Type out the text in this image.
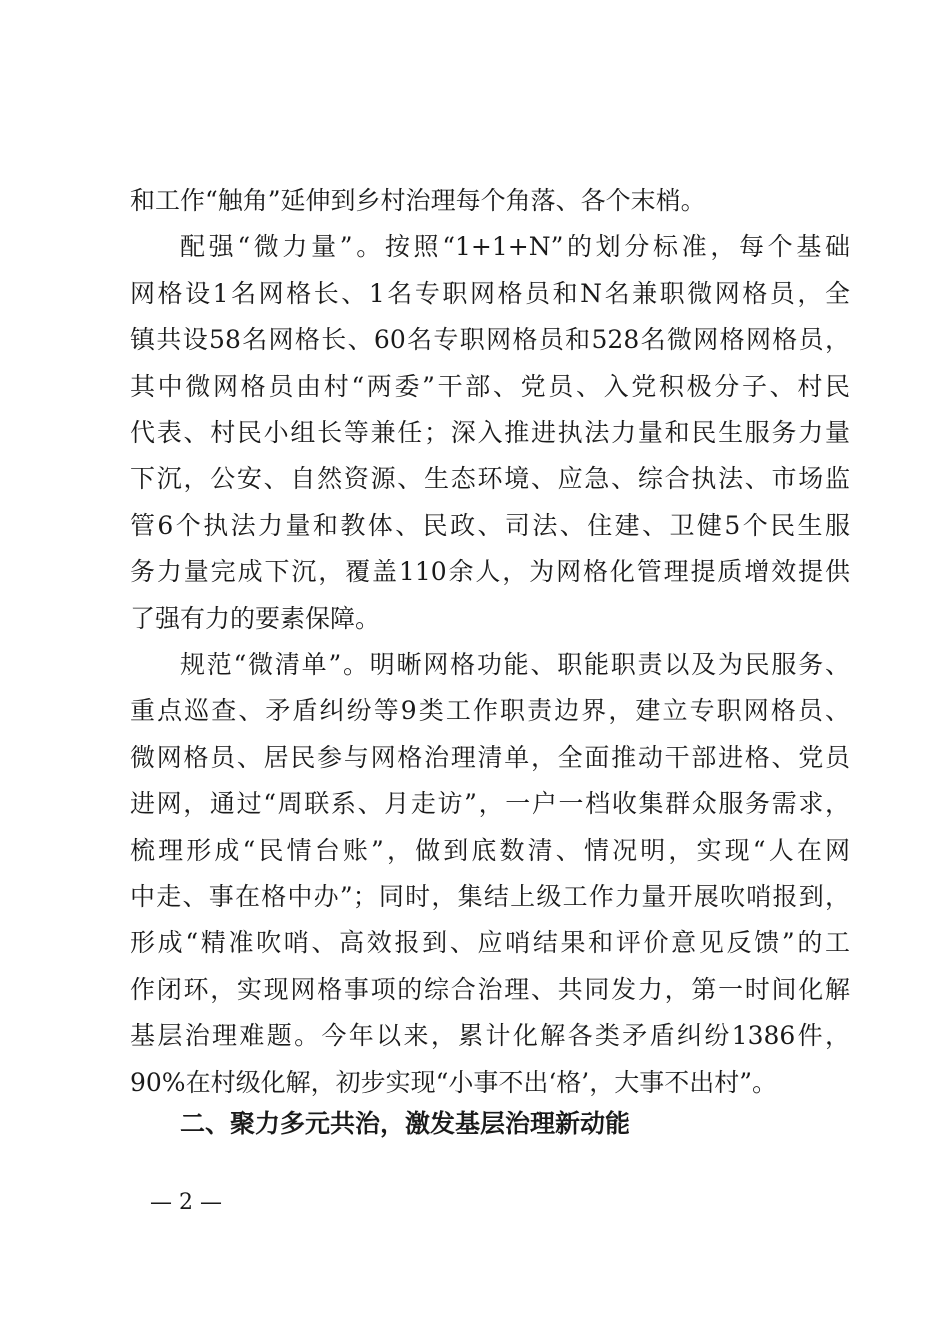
和工作“触角”延伸到乡村治理每个角落、各个末梢。
配强“微力量”。按照“1+1+N”的划分标准，每个基础
网格设1名网格长、1名专职网格员和N名兼职微网格员，全
镇共设58名网格长、60名专职网格员和528名微网格网格员，
其中微网格员由村“两委”干部、党员、入党积极分子、村民
代表、村民小组长等兼任；深入推进执法力量和民生服务力量
下沉，公安、自然资源、生态环境、应急、综合执法、市场监
管6个执法力量和教体、民政、司法、住建、卫健5个民生服
务力量完成下沉，覆盖110余人，为网格化管理提质增效提供
了强有力的要素保障。
规范“微清单”。明晰网格功能、职能职责以及为民服务、
重点巡查、矛盾纠纷等9类工作职责边界，建立专职网格员、
微网格员、居民参与网格治理清单，全面推动干部进格、党员
进网，通过“周联系、月走访”，一户一档收集群众服务需求，
梳理形成“民情台账”，做到底数清、情况明，实现“人在网
中走、事在格中办”；同时，集结上级工作力量开展吹哨报到，
形成“精准吹哨、高效报到、应哨结果和评价意见反馈”的工
作闭环，实现网格事项的综合治理、共同发力，第一时间化解
基层治理难题。今年以来，累计化解各类矛盾纠纷1386件，
90%在村级化解，初步实现“小事不出‘格’，大事不出村”。
二、聚力多元共治，激发基层治理新动能
— 2 —
